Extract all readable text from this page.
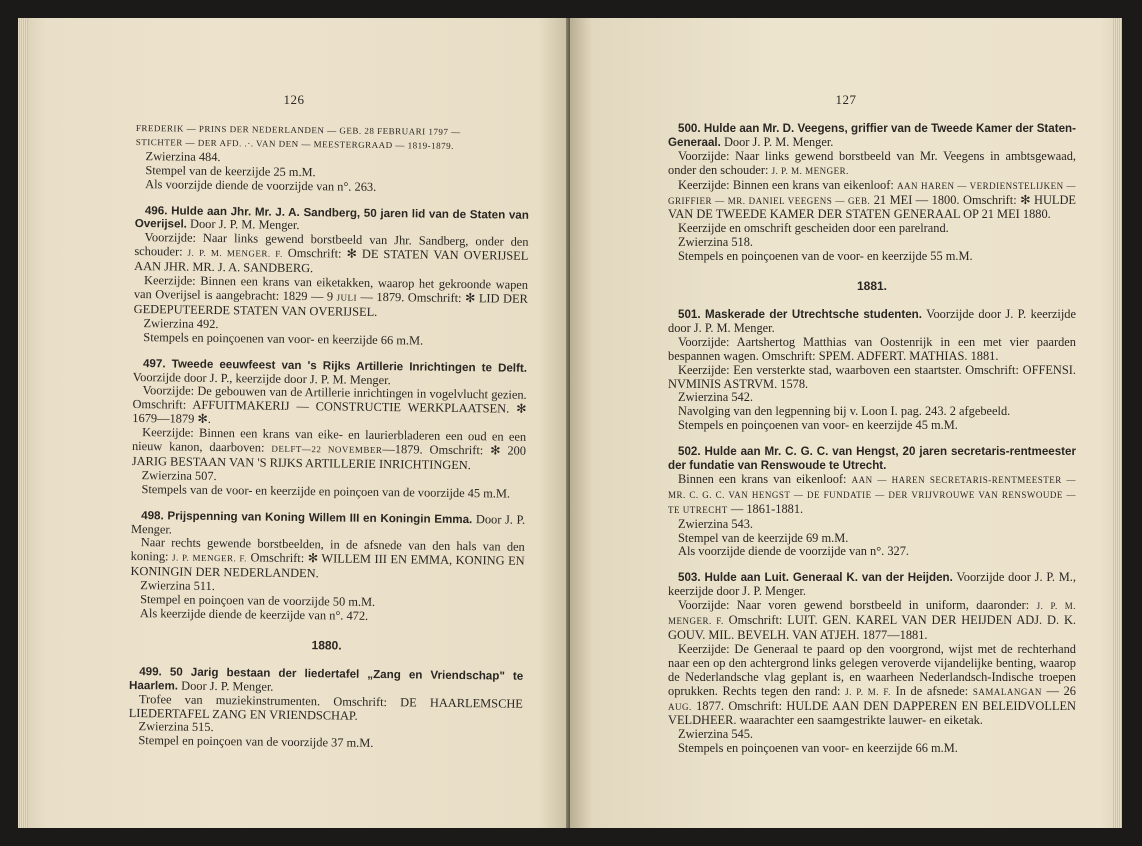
126

FREDERIK — PRINS DER NEDERLANDEN — GEB. 28 FEBRUARI 1797 —

STICHTER — DER AFD. .·. VAN DEN — MEESTERGRAAD — 1819-1879.

Zwierzina 484.

Stempel van de keerzijde 25 m.M.

Als voorzijde diende de voorzijde van n°. 263.

496. Hulde aan Jhr. Mr. J. A. Sandberg, 50 jaren lid van de Staten van Overijsel. Door J. P. M. Menger.

Voorzijde: Naar links gewend borstbeeld van Jhr. Sandberg, onder den schouder: J. P. M. MENGER. F. Omschrift: ✻ DE STATEN VAN OVERIJSEL AAN JHR. MR. J. A. SANDBERG.

Keerzijde: Binnen een krans van eiketakken, waarop het gekroonde wapen van Overijsel is aangebracht: 1829 — 9 JULI — 1879. Omschrift: ✻ LID DER GEDEPUTEERDE STATEN VAN OVERIJSEL.

Zwierzina 492.

Stempels en poinçoenen van voor- en keerzijde 66 m.M.

497. Tweede eeuwfeest van 's Rijks Artillerie Inrichtingen te Delft. Voorzijde door J. P., keerzijde door J. P. M. Menger.

Voorzijde: De gebouwen van de Artillerie inrichtingen in vogelvlucht gezien. Omschrift: AFFUITMAKERIJ — CONSTRUCTIE WERKPLAATSEN. ✻ 1679—1879 ✻.

Keerzijde: Binnen een krans van eike- en laurierbladeren een oud en een nieuw kanon, daarboven: DELFT—22 NOVEMBER—1879. Omschrift: ✻ 200 JARIG BESTAAN VAN 'S RIJKS ARTILLERIE INRICHTINGEN.

Zwierzina 507.

Stempels van de voor- en keerzijde en poinçoen van de voorzijde 45 m.M.

498. Prijspenning van Koning Willem III en Koningin Emma. Door J. P. Menger.

Naar rechts gewende borstbeelden, in de afsnede van den hals van den koning: J. P. MENGER. F. Omschrift: ✻ WILLEM III EN EMMA, KONING EN KONINGIN DER NEDERLANDEN.

Zwierzina 511.

Stempel en poinçoen van de voorzijde 50 m.M.

Als keerzijde diende de keerzijde van n°. 472.

1880.

499. 50 Jarig bestaan der liedertafel „Zang en Vriendschap" te Haarlem. Door J. P. Menger.

Trofee van muziekinstrumenten. Omschrift: DE HAARLEMSCHE LIEDERTAFEL ZANG EN VRIENDSCHAP.

Zwierzina 515.

Stempel en poinçoen van de voorzijde 37 m.M.

127

500. Hulde aan Mr. D. Veegens, griffier van de Tweede Kamer der Staten-Generaal. Door J. P. M. Menger.

Voorzijde: Naar links gewend borstbeeld van Mr. Veegens in ambtsgewaad, onder den schouder: J. P. M. MENGER.

Keerzijde: Binnen een krans van eikenloof: AAN HAREN — VERDIENSTELIJKEN — GRIFFIER — MR. DANIEL VEEGENS — GEB. 21 MEI — 1800. Omschrift: ✻ HULDE VAN DE TWEEDE KAMER DER STATEN GENERAAL OP 21 MEI 1880.

Keerzijde en omschrift gescheiden door een parelrand.

Zwierzina 518.

Stempels en poinçoenen van de voor- en keerzijde 55 m.M.

1881.

501. Maskerade der Utrechtsche studenten. Voorzijde door J. P. keerzijde door J. P. M. Menger.

Voorzijde: Aartshertog Matthias van Oostenrijk in een met vier paarden bespannen wagen. Omschrift: SPEM. ADFERT. MATHIAS. 1881.

Keerzijde: Een versterkte stad, waarboven een staartster. Omschrift: OFFENSI. NVMINIS ASTRVM. 1578.

Zwierzina 542.

Navolging van den legpenning bij v. Loon I. pag. 243. 2 afgebeeld.

Stempels en poinçoenen van voor- en keerzijde 45 m.M.

502. Hulde aan Mr. C. G. C. van Hengst, 20 jaren secretaris-rentmeester der fundatie van Renswoude te Utrecht.

Binnen een krans van eikenloof: AAN — HAREN SECRETARIS-RENTMEESTER — MR. C. G. C. VAN HENGST — DE FUNDATIE — DER VRIJVROUWE VAN RENSWOUDE — TE UTRECHT — 1861-1881.

Zwierzina 543.

Stempel van de keerzijde 69 m.M.

Als voorzijde diende de voorzijde van n°. 327.

503. Hulde aan Luit. Generaal K. van der Heijden. Voorzijde door J. P. M., keerzijde door J. P. Menger.

Voorzijde: Naar voren gewend borstbeeld in uniform, daaronder: J. P. M. MENGER. F. Omschrift: LUIT. GEN. KAREL VAN DER HEIJDEN ADJ. D. K. GOUV. MIL. BEVELH. VAN ATJEH. 1877—1881.

Keerzijde: De Generaal te paard op den voorgrond, wijst met de rechterhand naar een op den achtergrond links gelegen veroverde vijandelijke benting, waarop de Nederlandsche vlag geplant is, en waarheen Nederlandsch-Indische troepen oprukken. Rechts tegen den rand: J. P. M. F. In de afsnede: SAMALANGAN — 26 AUG. 1877. Omschrift: HULDE AAN DEN DAPPEREN EN BELEIDVOLLEN VELDHEER. waarachter een saamgestrikte lauwer- en eiketak.

Zwierzina 545.

Stempels en poinçoenen van voor- en keerzijde 66 m.M.
